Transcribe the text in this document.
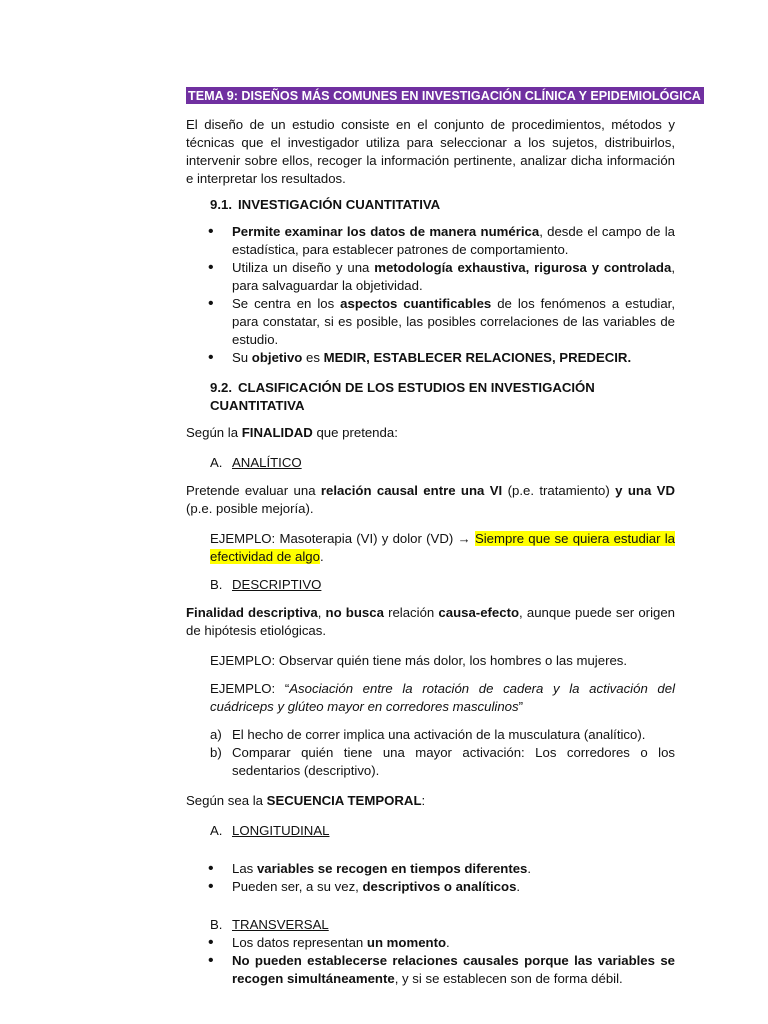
TEMA 9: DISEÑOS MÁS COMUNES EN INVESTIGACIÓN CLÍNICA Y EPIDEMIOLÓGICA

El diseño de un estudio consiste en el conjunto de procedimientos, métodos y técnicas que el investigador utiliza para seleccionar a los sujetos, distribuirlos, intervenir sobre ellos, recoger la información pertinente, analizar dicha información e interpretar los resultados.

9.1. INVESTIGACIÓN CUANTITATIVA

• Permite examinar los datos de manera numérica, desde el campo de la estadística, para establecer patrones de comportamiento.
• Utiliza un diseño y una metodología exhaustiva, rigurosa y controlada, para salvaguardar la objetividad.
• Se centra en los aspectos cuantificables de los fenómenos a estudiar, para constatar, si es posible, las posibles correlaciones de las variables de estudio.
• Su objetivo es MEDIR, ESTABLECER RELACIONES, PREDECIR.

9.2. CLASIFICACIÓN DE LOS ESTUDIOS EN INVESTIGACIÓN CUANTITATIVA

Según la FINALIDAD que pretenda:

A. ANALÍTICO

Pretende evaluar una relación causal entre una VI (p.e. tratamiento) y una VD (p.e. posible mejoría).

EJEMPLO: Masoterapia (VI) y dolor (VD) → Siempre que se quiera estudiar la efectividad de algo.

B. DESCRIPTIVO

Finalidad descriptiva, no busca relación causa-efecto, aunque puede ser origen de hipótesis etiológicas.

EJEMPLO: Observar quién tiene más dolor, los hombres o las mujeres.

EJEMPLO: “Asociación entre la rotación de cadera y la activación del cuádriceps y glúteo mayor en corredores masculinos”

a) El hecho de correr implica una activación de la musculatura (analítico).
b) Comparar quién tiene una mayor activación: Los corredores o los sedentarios (descriptivo).

Según sea la SECUENCIA TEMPORAL:

A. LONGITUDINAL

• Las variables se recogen en tiempos diferentes.
• Pueden ser, a su vez, descriptivos o analíticos.

B. TRANSVERSAL

• Los datos representan un momento.
• No pueden establecerse relaciones causales porque las variables se recogen simultáneamente, y si se establecen son de forma débil.
